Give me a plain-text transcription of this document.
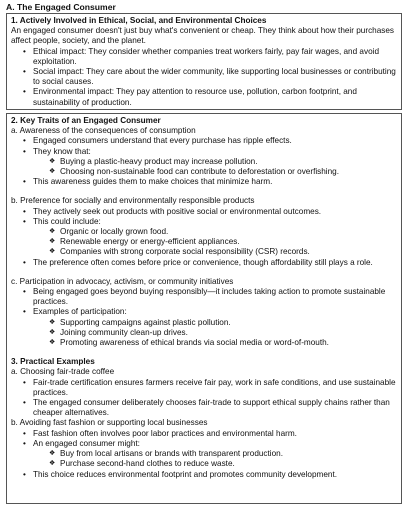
A. The Engaged Consumer
1. Actively Involved in Ethical, Social, and Environmental Choices
An engaged consumer doesn't just buy what's convenient or cheap. They think about how their purchases affect people, society, and the planet.
• Ethical impact: They consider whether companies treat workers fairly, pay fair wages, and avoid exploitation.
• Social impact: They care about the wider community, like supporting local businesses or contributing to social causes.
• Environmental impact: They pay attention to resource use, pollution, carbon footprint, and sustainability of production.
2. Key Traits of an Engaged Consumer
a. Awareness of the consequences of consumption
• Engaged consumers understand that every purchase has ripple effects.
• They know that:
❖ Buying a plastic-heavy product may increase pollution.
❖ Choosing non-sustainable food can contribute to deforestation or overfishing.
• This awareness guides them to make choices that minimize harm.
b. Preference for socially and environmentally responsible products
• They actively seek out products with positive social or environmental outcomes.
• This could include:
❖ Organic or locally grown food.
❖ Renewable energy or energy-efficient appliances.
❖ Companies with strong corporate social responsibility (CSR) records.
• The preference often comes before price or convenience, though affordability still plays a role.
c. Participation in advocacy, activism, or community initiatives
• Being engaged goes beyond buying responsibly—it includes taking action to promote sustainable practices.
• Examples of participation:
❖ Supporting campaigns against plastic pollution.
❖ Joining community clean-up drives.
❖ Promoting awareness of ethical brands via social media or word-of-mouth.
3. Practical Examples
a. Choosing fair-trade coffee
• Fair-trade certification ensures farmers receive fair pay, work in safe conditions, and use sustainable practices.
• The engaged consumer deliberately chooses fair-trade to support ethical supply chains rather than cheaper alternatives.
b. Avoiding fast fashion or supporting local businesses
• Fast fashion often involves poor labor practices and environmental harm.
• An engaged consumer might:
❖ Buy from local artisans or brands with transparent production.
❖ Purchase second-hand clothes to reduce waste.
• This choice reduces environmental footprint and promotes community development.
